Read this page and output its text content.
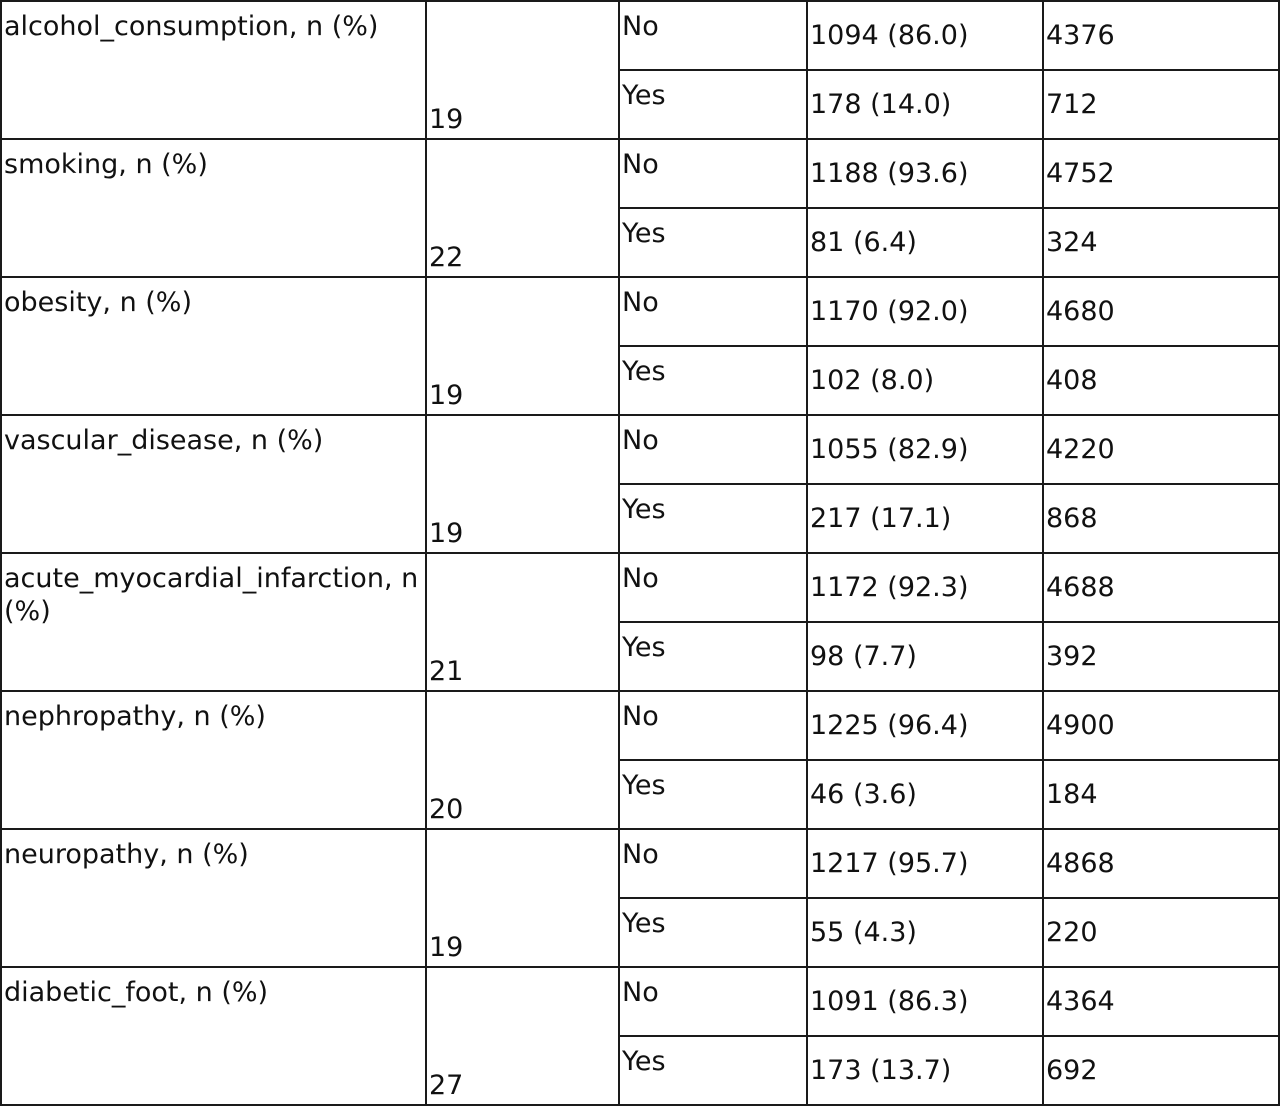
alcohol_consumption, n (%)	19	No	1094 (86.0)	4376
		Yes	178 (14.0)	712
smoking, n (%)	22	No	1188 (93.6)	4752
		Yes	81 (6.4)	324
obesity, n (%)	19	No	1170 (92.0)	4680
		Yes	102 (8.0)	408
vascular_disease, n (%)	19	No	1055 (82.9)	4220
		Yes	217 (17.1)	868
acute_myocardial_infarction, n (%)	21	No	1172 (92.3)	4688
		Yes	98 (7.7)	392
nephropathy, n (%)	20	No	1225 (96.4)	4900
		Yes	46 (3.6)	184
neuropathy, n (%)	19	No	1217 (95.7)	4868
		Yes	55 (4.3)	220
diabetic_foot, n (%)	27	No	1091 (86.3)	4364
		Yes	173 (13.7)	692
